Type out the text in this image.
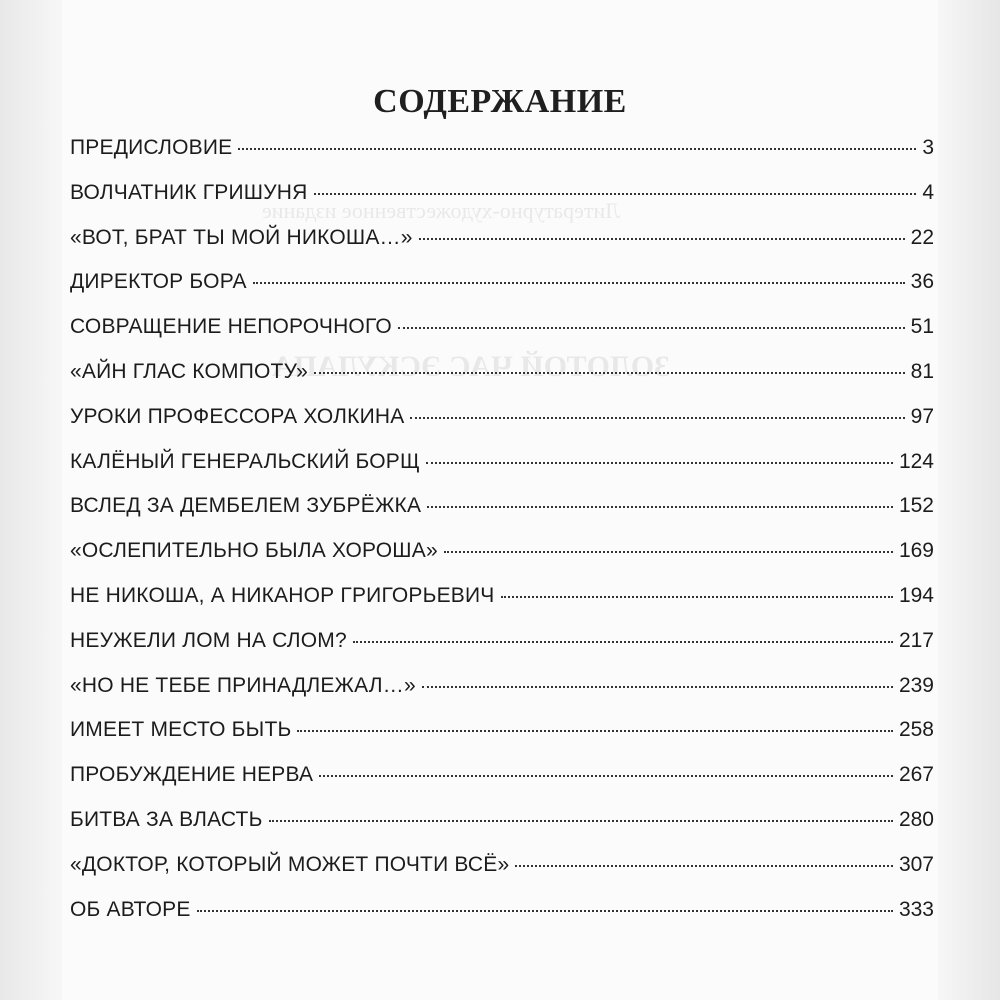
Литературно-художественное издание
ЗОЛОТОЙ ЧАС ЭСКУЛАПА
СОДЕРЖАНИЕ
ПРЕДИСЛОВИЕ	3
ВОЛЧАТНИК ГРИШУНЯ	4
«ВОТ, БРАТ ТЫ МОЙ НИКОША…»	22
ДИРЕКТОР БОРА	36
СОВРАЩЕНИЕ НЕПОРОЧНОГО	51
«АЙН ГЛАС КОМПОТУ»	81
УРОКИ ПРОФЕССОРА ХОЛКИНА	97
КАЛЁНЫЙ ГЕНЕРАЛЬСКИЙ БОРЩ	124
ВСЛЕД ЗА ДЕМБЕЛЕМ ЗУБРЁЖКА	152
«ОСЛЕПИТЕЛЬНО БЫЛА ХОРОША»	169
НЕ НИКОША, А НИКАНОР ГРИГОРЬЕВИЧ	194
НЕУЖЕЛИ ЛОМ НА СЛОМ?	217
«НО НЕ ТЕБЕ ПРИНАДЛЕЖАЛ…»	239
ИМЕЕТ МЕСТО БЫТЬ	258
ПРОБУЖДЕНИЕ НЕРВА	267
БИТВА ЗА ВЛАСТЬ	280
«ДОКТОР, КОТОРЫЙ МОЖЕТ ПОЧТИ ВСЁ»	307
ОБ АВТОРЕ	333
